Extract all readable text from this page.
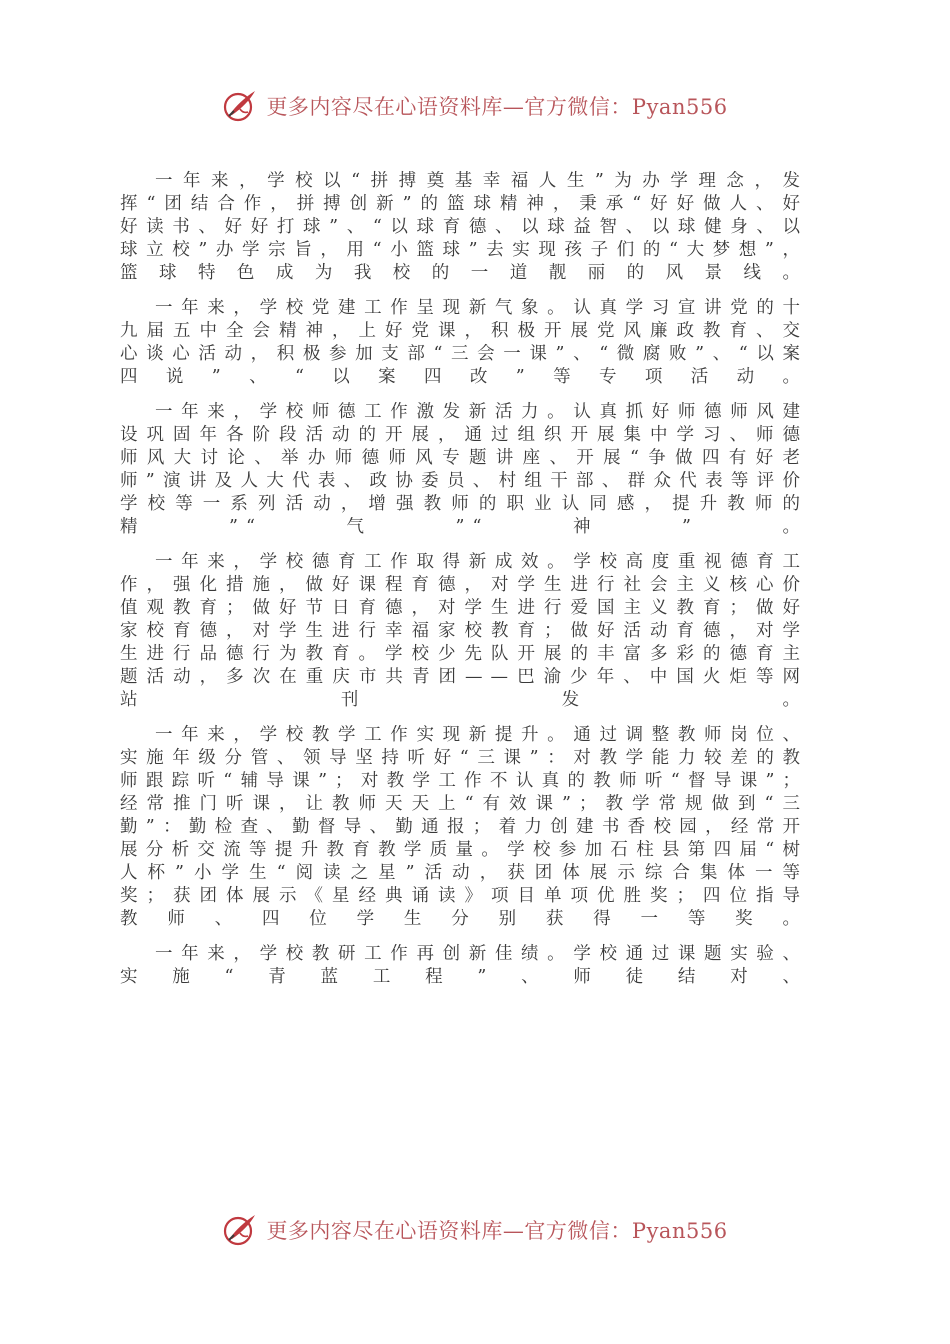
更多内容尽在心语资料库—官方微信：Pyan556

一年来，学校以“拼搏奠基幸福人生”为办学理念，发挥“团结合作，拼搏创新”的篮球精神，秉承“好好做人、好好读书、好好打球”、“以球育德、以球益智、以球健身、以球立校”办学宗旨，用“小篮球”去实现孩子们的“大梦想”，篮球特色成为我校的一道靓丽的风景线。

一年来，学校党建工作呈现新气象。认真学习宣讲党的十九届五中全会精神，上好党课，积极开展党风廉政教育、交心谈心活动，积极参加支部“三会一课”、“微腐败”、“以案四说”、“以案四改”等专项活动。

一年来，学校师德工作激发新活力。认真抓好师德师风建设巩固年各阶段活动的开展，通过组织开展集中学习、师德师风大讨论、举办师德师风专题讲座、开展“争做四有好老师”演讲及人大代表、政协委员、村组干部、群众代表等评价学校等一系列活动，增强教师的职业认同感，提升教师的精”“气”“神”。

一年来，学校德育工作取得新成效。学校高度重视德育工作，强化措施，做好课程育德，对学生进行社会主义核心价值观教育；做好节日育德，对学生进行爱国主义教育；做好家校育德，对学生进行幸福家校教育；做好活动育德，对学生进行品德行为教育。学校少先队开展的丰富多彩的德育主题活动，多次在重庆市共青团——巴渝少年、中国火炬等网站刊发。

一年来，学校教学工作实现新提升。通过调整教师岗位、实施年级分管、领导坚持听好“三课”：对教学能力较差的教师跟踪听“辅导课”；对教学工作不认真的教师听“督导课”；经常推门听课，让教师天天上“有效课”；教学常规做到“三勤”：勤检查、勤督导、勤通报；着力创建书香校园，经常开展分析交流等提升教育教学质量。学校参加石柱县第四届“树人杯”小学生“阅读之星”活动，获团体展示综合集体一等奖；获团体展示《星经典诵读》项目单项优胜奖；四位指导教师、四位学生分别获得一等奖。

一年来，学校教研工作再创新佳绩。学校通过课题实验、实施“青蓝工程”、师徒结对、

更多内容尽在心语资料库—官方微信：Pyan556
